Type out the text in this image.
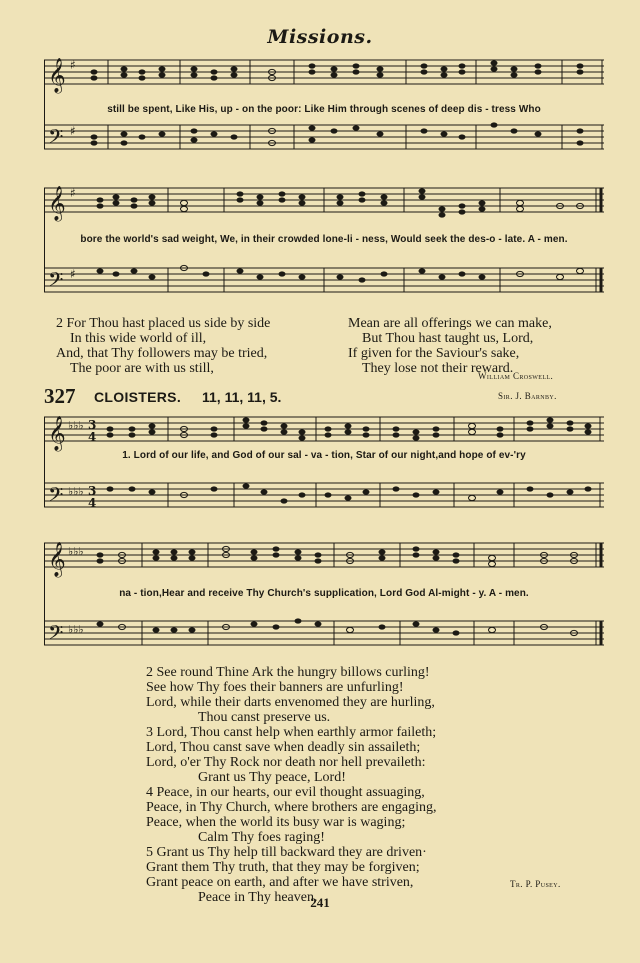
Missions.
𝄞
𝄢
♯
♯
still be spent, Like His, up - on the poor: Like Him through scenes of deep dis - tress Who
𝄞
𝄢
♯
♯
bore the world's sad weight, We, in their crowded lone-li - ness, Would seek the des-o - late. A - men.
2 For Thou hast placed us side by side
In this wide world of ill,
And, that Thy followers may be tried,
The poor are with us still,
Mean are all offerings we can make,
But Thou hast taught us, Lord,
If given for the Saviour's sake,
They lose not their reward.
William Croswell.
327 CLOISTERS. 11, 11, 11, 5.	Sir. J. Barnby.
𝄞
𝄢
♭♭♭
♭♭♭
3
4
3
4
1. Lord of our life, and God of our sal - va - tion, Star of our night,and hope of ev-'ry
𝄞
𝄢
♭♭♭
♭♭♭
na - tion,Hear and receive Thy Church's supplication, Lord God Al-might - y. A - men.
2 See round Thine Ark the hungry billows curling!
See how Thy foes their banners are unfurling!
Lord, while their darts envenomed they are hurling,
Thou canst preserve us.
3 Lord, Thou canst help when earthly armor faileth;
Lord, Thou canst save when deadly sin assaileth;
Lord, o'er Thy Rock nor death nor hell prevaileth:
Grant us Thy peace, Lord!
4 Peace, in our hearts, our evil thought assuaging,
Peace, in Thy Church, where brothers are engaging,
Peace, when the world its busy war is waging;
Calm Thy foes raging!
5 Grant us Thy help till backward they are driven·
Grant them Thy truth, that they may be forgiven;
Grant peace on earth, and after we have striven,
Peace in Thy heaven.
Tr. P. Pusey.
241
